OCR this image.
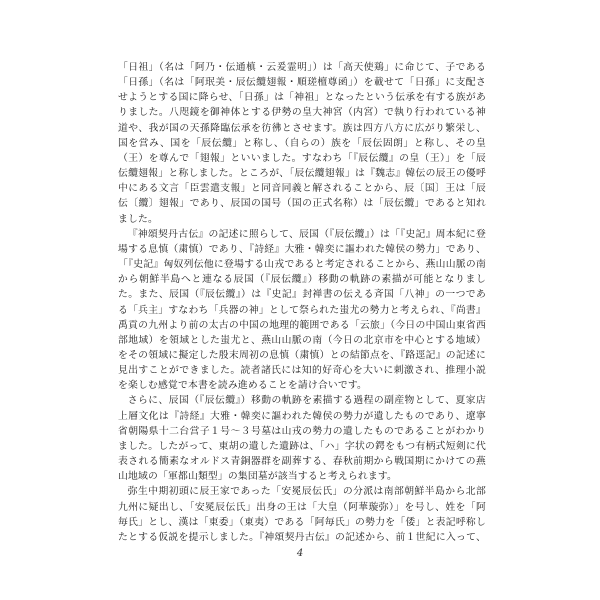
「日祖」（名は「阿乃・伝通槙・云爰霊明」）は「高天使鶏」に命じて、子である「日孫」（名は「阿珉美・辰伝纜翅報・順瑳檀尊函」）を載せて「日孫」に支配させようとする国に降らせ、「日孫」は「神祖」となったという伝承を有する族がありました。八咫鏡を御神体とする伊勢の皇大神宮（内宮）で執り行われている神道や、我が国の天孫降臨伝承を彷彿とさせます。族は四方八方に広がり繁栄し、国を営み、国を「辰伝纜」と称し、（自らの）族を「辰伝固朗」と称し、その皇（王）を尊んで「翅報」といいました。すなわち「『辰伝纜』の皇（王）」を「辰伝纜翅報」と称しました。ところが、「辰伝纜翅報」は『魏志』韓伝の辰王の優呼中にある文言「臣雲遣支報」と同音同義と解されることから、辰〔国〕王は「辰伝〔纜〕翅報」であり、辰国の国号（国の正式名称）は「辰伝纜」であると知れました。

『神頌契丹古伝』の記述に照らして、辰国（『辰伝纜』）は「『史記』周本紀に登場する息慎（粛慎）であり、『詩経』大雅・韓奕に謳われた韓侯の勢力」であり、「『史記』匈奴列伝他に登場する山戎であると考定されることから、燕山山脈の南から朝鮮半島へと連なる辰国（『辰伝纜』）移動の軌跡の素描が可能となりました。また、辰国（『辰伝纜』）は『史記』封禅書の伝える斉国「八神」の一つである「兵主」すなわち「兵器の神」として祭られた蚩尤の勢力と考えられ、『尚書』禹貢の九州より前の太古の中国の地理的範囲である「云旅」（今日の中国山東省西部地域）を領域とした蚩尤と、燕山山脈の南（今日の北京市を中心とする地域）をその領域に擬定した殷末周初の息慎（粛慎）との結節点を、『路逕記』の記述に見出すことができました。読者諸氏には知的好奇心を大いに刺激され、推理小説を楽しむ感覚で本書を読み進めることを請け合いです。

さらに、辰国（『辰伝纜』）移動の軌跡を素描する過程の副産物として、夏家店上層文化は『詩経』大雅・韓奕に謳われた韓侯の勢力が遺したものであり、遼寧省朝陽県十二台営子１号～３号墓は山戎の勢力の遺したものであることがわかりました。したがって、東胡の遺した遺跡は、「ハ」字状の鍔をもつ有柄式短剣に代表される簡素なオルドス青銅器群を副葬する、春秋前期から戦国期にかけての燕山地域の「軍都山類型」の集団墓が該当すると考えられます。

弥生中期初頭に辰王家であった「安冕辰伝氏」の分派は南部朝鮮半島から北部九州に疑出し、「安冕辰伝氏」出身の王は「大皇（阿華璇弥）」を号し、姓を「阿毎氏」とし、漢は「東委」（東夷）である「阿毎氏」の勢力を「倭」と表記呼称したとする仮説を提示しました。『神頌契丹古伝』の記述から、前１世紀に入って、

4
